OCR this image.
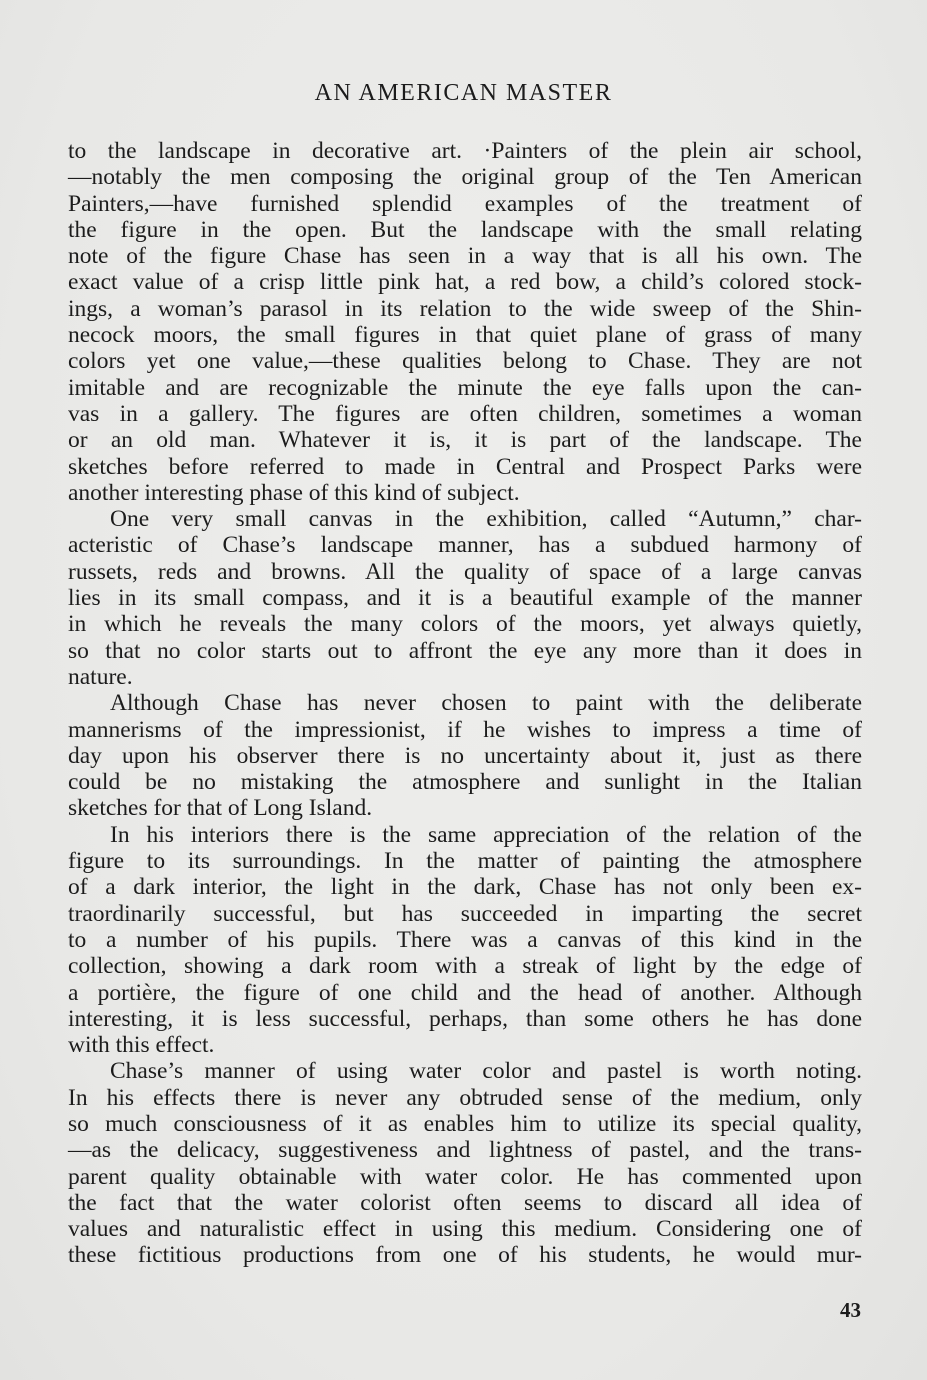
AN AMERICAN MASTER
to the landscape in decorative art. ·Painters of the plein air school,
—notably the men composing the original group of the Ten American
Painters,—have furnished splendid examples of the treatment of
the figure in the open. But the landscape with the small relating
note of the figure Chase has seen in a way that is all his own. The
exact value of a crisp little pink hat, a red bow, a child’s colored stock-
ings, a woman’s parasol in its relation to the wide sweep of the Shin-
necock moors, the small figures in that quiet plane of grass of many
colors yet one value,—these qualities belong to Chase. They are not
imitable and are recognizable the minute the eye falls upon the can-
vas in a gallery. The figures are often children, sometimes a woman
or an old man. Whatever it is, it is part of the landscape. The
sketches before referred to made in Central and Prospect Parks were
another interesting phase of this kind of subject.
One very small canvas in the exhibition, called “Autumn,” char-
acteristic of Chase’s landscape manner, has a subdued harmony of
russets, reds and browns. All the quality of space of a large canvas
lies in its small compass, and it is a beautiful example of the manner
in which he reveals the many colors of the moors, yet always quietly,
so that no color starts out to affront the eye any more than it does in
nature.
Although Chase has never chosen to paint with the deliberate
mannerisms of the impressionist, if he wishes to impress a time of
day upon his observer there is no uncertainty about it, just as there
could be no mistaking the atmosphere and sunlight in the Italian
sketches for that of Long Island.
In his interiors there is the same appreciation of the relation of the
figure to its surroundings. In the matter of painting the atmosphere
of a dark interior, the light in the dark, Chase has not only been ex-
traordinarily successful, but has succeeded in imparting the secret
to a number of his pupils. There was a canvas of this kind in the
collection, showing a dark room with a streak of light by the edge of
a portière, the figure of one child and the head of another. Although
interesting, it is less successful, perhaps, than some others he has done
with this effect.
Chase’s manner of using water color and pastel is worth noting.
In his effects there is never any obtruded sense of the medium, only
so much consciousness of it as enables him to utilize its special quality,
—as the delicacy, suggestiveness and lightness of pastel, and the trans-
parent quality obtainable with water color. He has commented upon
the fact that the water colorist often seems to discard all idea of
values and naturalistic effect in using this medium. Considering one of
these fictitious productions from one of his students, he would mur-
43
